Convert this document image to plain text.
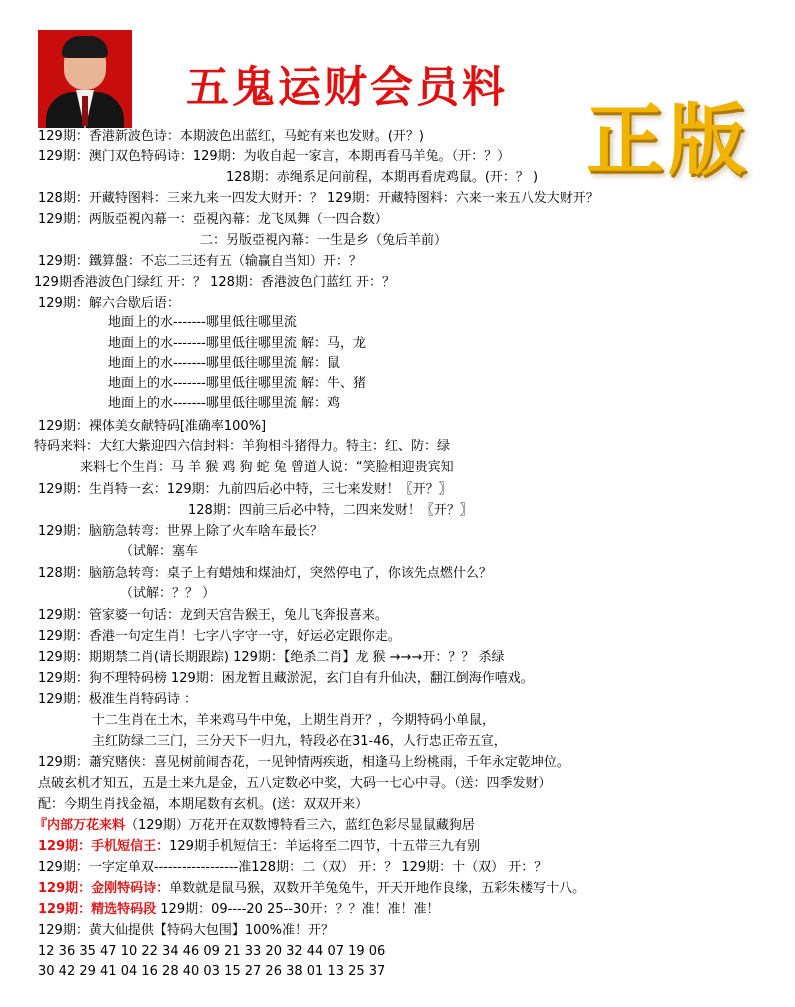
五鬼运财会员料
正版
129期：香港新波色诗：本期波色出蓝红，马蛇有来也发财。(开？)
129期：澳门双色特码诗：129期：为收自起一家言，本期再看马羊兔。（开：？）
128期：赤绳系足问前程，本期再看虎鸡鼠。(开：？ )
128期：开藏特图料：三来九来一四发大财开：？ 129期：开藏特图料：六来一来五八发大财开？
129期：两版亞視內幕一：亞視內幕：龙飞凤舞（一四合数）
二：另版亞視內幕：一生是乡（兔后羊前）
129期：鐵算盤：不忘二三还有五（输赢自当知）开：？
129期香港波色门绿红 开：？ 128期：香港波色门蓝红 开：？
129期：解六合歇后语：
地面上的水-------哪里低往哪里流
地面上的水-------哪里低往哪里流 解：马，龙
地面上的水-------哪里低往哪里流 解：鼠
地面上的水-------哪里低往哪里流 解：牛、猪
地面上的水-------哪里低往哪里流 解：鸡
129期：裸体美女献特码[准确率100%]
特码来料：大红大紫迎四六信封料：羊狗相斗猪得力。特主：红、防：绿
来料七个生肖：马 羊 猴 鸡 狗 蛇 兔 曾道人说：“笑脸相迎贵宾知
129期：生肖特一玄：129期：九前四后必中特，三七来发财！〖开？〗
128期：四前三后必中特，二四来发财！〖开？〗
129期：脑筋急转弯：世界上除了火车啥车最长？
（试解：塞车
128期：脑筋急转弯：桌子上有蜡烛和煤油灯，突然停电了，你该先点燃什么？
（试解：？？ ）
129期：管家婆一句话：龙到天宫告猴王，兔儿飞奔报喜来。
129期：香港一句定生肖！七字八字守一守，好运必定跟你走。
129期：期期禁二肖(请长期跟踪) 129期：【绝杀二肖】龙 猴 →→→开：？？ 杀绿
129期：狗不理特码榜 129期：困龙暂且藏淤泥，玄门自有升仙决，翻江倒海作嘻戏。
129期：极准生肖特码诗 ：
十二生肖在土木，羊来鸡马牛中兔，上期生肖开？，今期特码小单鼠，
主红防绿二三门，三分天下一归九，特段必在31-46，人行忠正帝五宣，
129期：蕭究赌侠：喜见树前闹杏花，一见钟情两疾逝，相逢马上纷桃雨，千年永定乾坤位。
点破玄机才知五，五是土来九是金，五八定数必中奖，大码一七心中寻。（送：四季发财）
配：今期生肖找金福，本期尾数有玄机。(送：双双开来）
『内部万花来料（129期）万花开在双数博特看三六，蓝红色彩尽显鼠藏狗居
129期：手机短信王：129期手机短信王：羊运将至二四节，十五带三九有别
129期：一字定单双------------------准128期：二（双） 开：？ 129期：十（双） 开：？
129期：金刚特码诗：单数就是鼠马猴，双数开羊兔兔牛，开天开地作良缘，五彩朱楼写十八。
129期：精选特码段 129期：09----20 25--30开：？？准！准！准！
129期：黄大仙提供【特码大包围】100%准！开？
12 36 35 47 10 22 34 46 09 21 33 20 32 44 07 19 06
30 42 29 41 04 16 28 40 03 15 27 26 38 01 13 25 37
